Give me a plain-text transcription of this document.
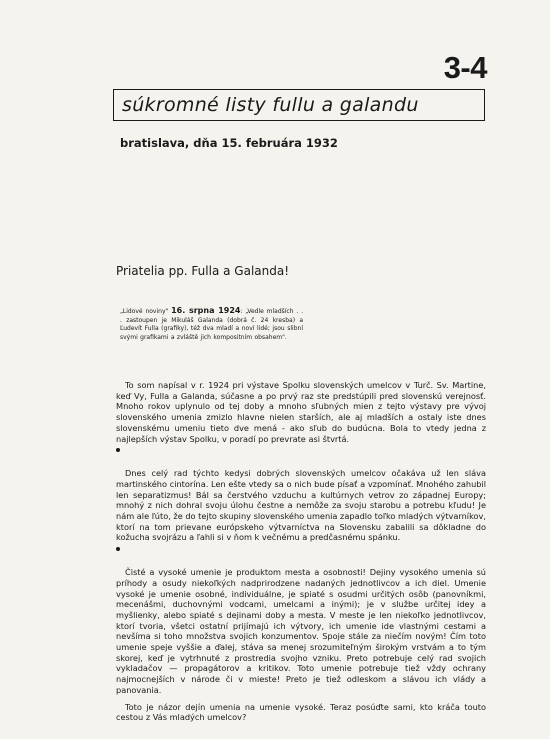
3-4
súkromné listy fullu a galandu
bratislava, dňa 15. februára 1932
Priatelia pp. Fulla a Galanda!
„Lidové noviny" 16. srpna 1924: „Vedle mladších . . . zastoupen je Mikuláš Galanda (dobrá č. 24 kresba) a Ľudevít Fulla (grafiky), též dva mladí a noví lidé; jsou slibní svými grafikami a zvláště jich kompositním obsahem".

To som napísal v r. 1924 pri výstave Spolku slovenských umelcov v Turč. Sv. Martine, keď Vy, Fulla a Galanda, súčasne a po prvý raz ste predstúpili pred slovenskú verejnosť. Mnoho rokov uplynulo od tej doby a mnoho sľubných mien z tejto výstavy pre vývoj slovenského umenia zmizlo hlavne nielen starších, ale aj mladších a ostaly iste dnes slovenskému umeniu tieto dve mená - ako sľub do budúcna. Bola to vtedy jedna z najlepších výstav Spolku, v poradí po prevrate asi štvrtá.

Dnes celý rad týchto kedysi dobrých slovenských umelcov očakáva už len sláva martinského cintorína. Len ešte vtedy sa o nich bude písať a vzpomínať. Mnohého zahubil len separatizmus! Bál sa čerstvého vzduchu a kultúrnych vetrov zo západnej Europy; mnohý z nich dohral svoju úlohu čestne a nemôže za svoju starobu a potrebu kľudu! Je nám ale ľúto, že do tejto skupiny slovenského umenia zapadlo toľko mladých výtvarníkov, ktorí na tom prievane európskeho výtvarníctva na Slovensku zabalili sa dôkladne do kožucha svojrázu a ľahli si v ňom k večnému a predčasnému spánku.

Čisté a vysoké umenie je produktom mesta a osobnosti! Dejiny vysokého umenia sú príhody a osudy niekoľkých nadprirodzene nadaných jednotlivcov a ich diel. Umenie vysoké je umenie osobné, individuálne, je spiaté s osudmi určitých osôb (panovníkmi, mecenášmi, duchovnými vodcami, umelcami a inými); je v službe určitej idey a myšlienky, alebo spiaté s dejinami doby a mesta. V meste je len niekoľko jednotlivcov, ktorí tvoria, všetci ostatní prijímajú ich výtvory, ich umenie ide vlastnými cestami a nevšíma si toho množstva svojich konzumentov. Spoje stále za niečím novým! Čím toto umenie speje vyššie a ďalej, stáva sa menej srozumiteľným širokým vrstvám a to tým skorej, keď je vytrhnuté z prostredia svojho vzniku. Preto potrebuje celý rad svojich vykladačov — propagátorov a kritikov. Toto umenie potrebuje tiež vždy ochrany najmocnejších v národe či v mieste! Preto je tiež odleskom a slávou ich vlády a panovania.

Toto je názor dejín umenia na umenie vysoké. Teraz posúďte sami, kto kráča touto cestou z Vás mladých umelcov?
